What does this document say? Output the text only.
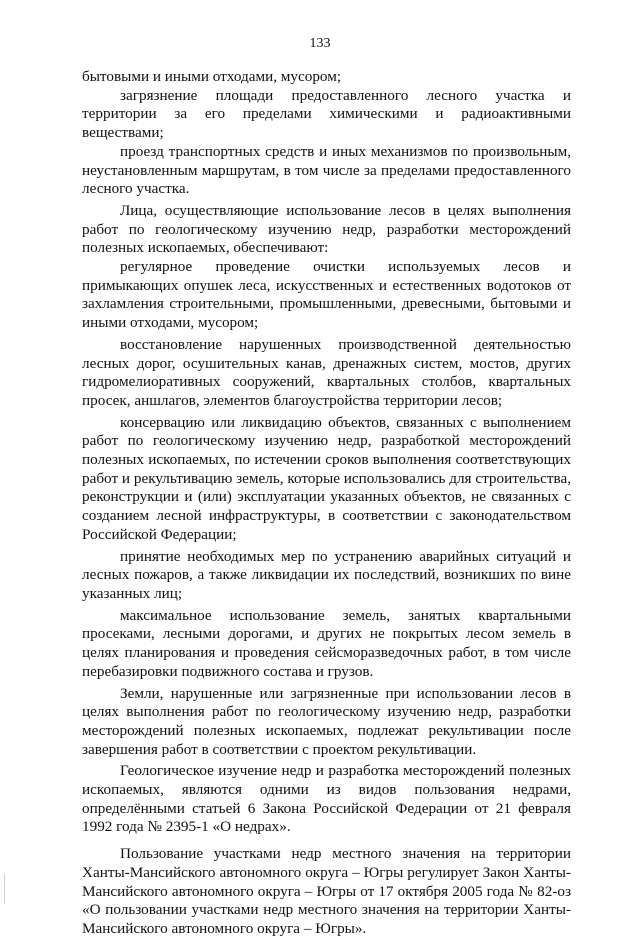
133

бытовыми и иными отходами, мусором;

загрязнение площади предоставленного лесного участка и территории за его пределами химическими и радиоактивными веществами;

проезд транспортных средств и иных механизмов по произвольным, неустановленным маршрутам, в том числе за пределами предоставленного лесного участка.

Лица, осуществляющие использование лесов в целях выполнения работ по геологическому изучению недр, разработки месторождений полезных ископаемых, обеспечивают:

регулярное проведение очистки используемых лесов и примыкающих опушек леса, искусственных и естественных водотоков от захламления строительными, промышленными, древесными, бытовыми и иными отходами, мусором;

восстановление нарушенных производственной деятельностью лесных дорог, осушительных канав, дренажных систем, мостов, других гидромелиоративных сооружений, квартальных столбов, квартальных просек, аншлагов, элементов благоустройства территории лесов;

консервацию или ликвидацию объектов, связанных с выполнением работ по геологическому изучению недр, разработкой месторождений полезных ископаемых, по истечении сроков выполнения соответствующих работ и рекультивацию земель, которые использовались для строительства, реконструкции и (или) эксплуатации указанных объектов, не связанных с созданием лесной инфраструктуры, в соответствии с законодательством Российской Федерации;

принятие необходимых мер по устранению аварийных ситуаций и лесных пожаров, а также ликвидации их последствий, возникших по вине указанных лиц;

максимальное использование земель, занятых квартальными просеками, лесными дорогами, и других не покрытых лесом земель в целях планирования и проведения сейсморазведочных работ, в том числе перебазировки подвижного состава и грузов.

Земли, нарушенные или загрязненные при использовании лесов в целях выполнения работ по геологическому изучению недр, разработки месторождений полезных ископаемых, подлежат рекультивации после завершения работ в соответствии с проектом рекультивации.

Геологическое изучение недр и разработка месторождений полезных ископаемых, являются одними из видов пользования недрами, определёнными статьей 6 Закона Российской Федерации от 21 февраля 1992 года № 2395-1 «О недрах».

Пользование участками недр местного значения на территории Ханты-Мансийского автономного округа – Югры регулирует Закон Ханты-Мансийского автономного округа – Югры от 17 октября 2005 года № 82-оз «О пользовании участками недр местного значения на территории Ханты-Мансийского автономного округа – Югры».
